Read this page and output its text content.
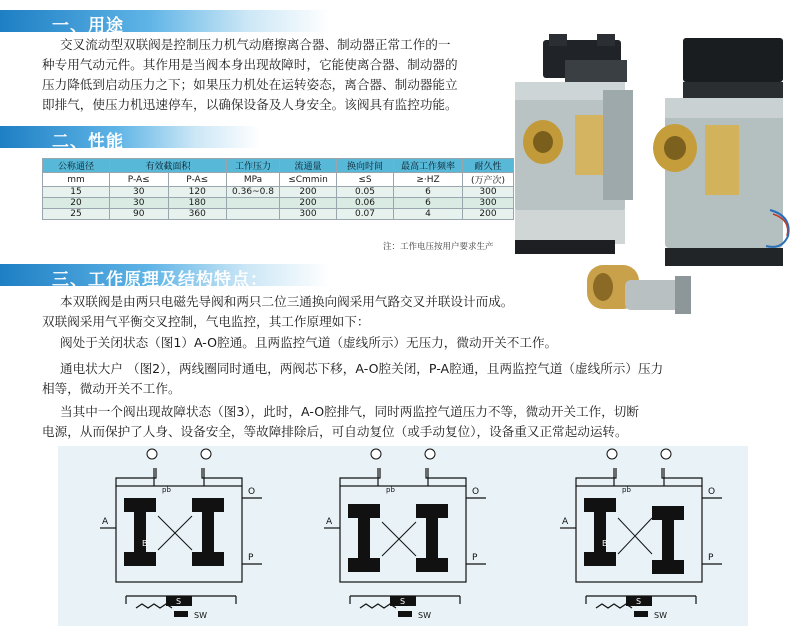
一、用途
交叉流动型双联阀是控制压力机气动磨擦离合器、制动器正常工作的一
种专用气动元件。其作用是当阀本身出现故障时，它能使离合器、制动器的
压力降低到启动压力之下；如果压力机处在运转姿态，离合器、制动器能立
即排气，使压力机迅速停车，以确保设备及人身安全。该阀具有监控功能。
二、性能
公称通径	有效截面积		工作压力	流通量	换向时间	最高工作频率	耐久性
mm	P-A≤	P-A≤	MPa	≤Cmmin	≤S	≥·HZ	(万产次)
15	30	120	0.36~0.8	200	0.05	6	300
20	30	180		200	0.06	6	300
25	90	360		300	0.07	4	200
注：工作电压按用户要求生产
三、工作原理及结构特点：
本双联阀是由两只电磁先导阀和两只二位三通换向阀采用气路交叉并联设计而成。
双联阀采用气平衡交叉控制，气电监控，其工作原理如下：
阀处于关闭状态（图1）A-O腔通。且两监控气道（虚线所示）无压力，微动开关不工作。
通电状大户 （图2），两线圈同时通电，两阀芯下移，A-O腔关闭，P-A腔通，且两监控气道（虚线所示）压力
相等，微动开关不工作。
当其中一个阀出现故障状态（图3），此时，A-O腔排气，同时两监控气道压力不等，微动开关工作，切断
电源，从而保护了人身、设备安全，等故障排除后，可自动复位（或手动复位），设备重又正常起动运转。
A
O
P
B
pb
S
SW
A
O
P
pb
S
SW
A
O
P
B
pb
S
SW
